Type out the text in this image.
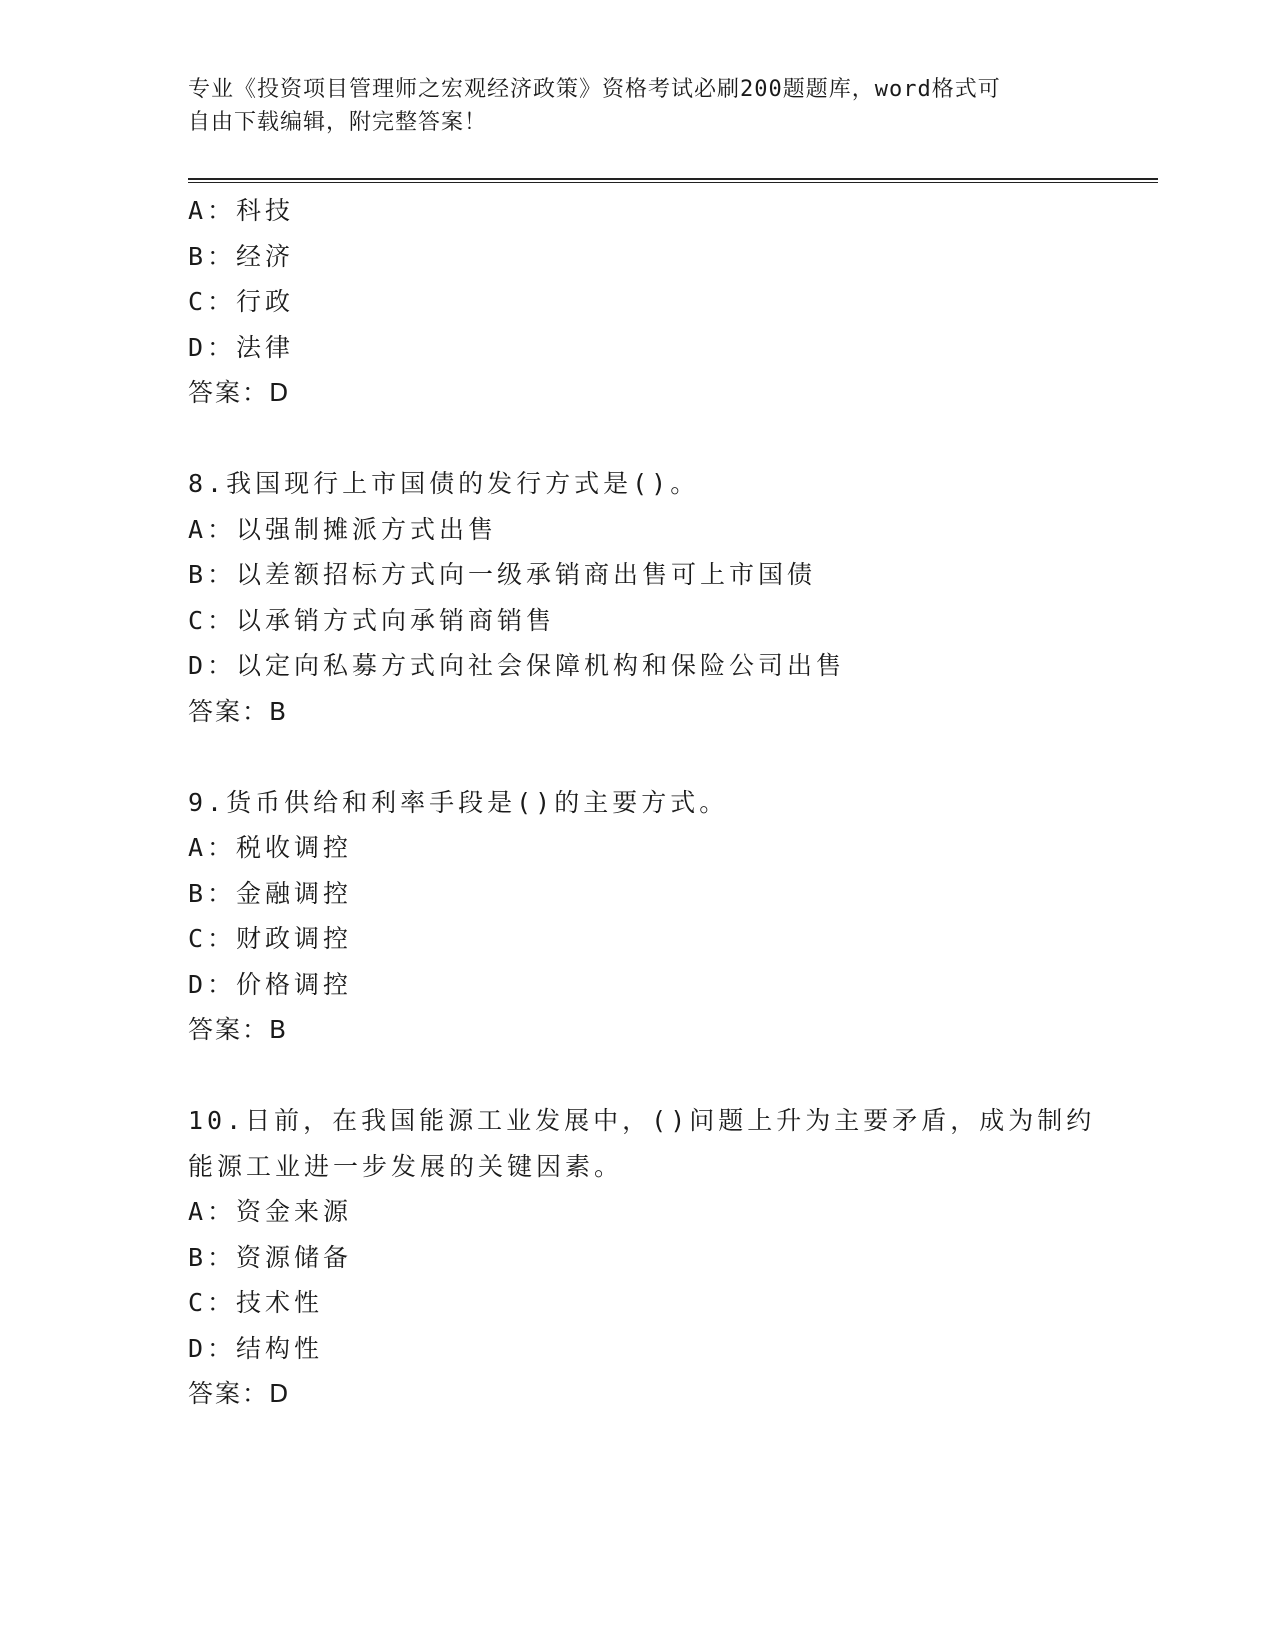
专业《投资项目管理师之宏观经济政策》资格考试必刷200题题库，word格式可
自由下载编辑，附完整答案！
A：科技
B：经济
C：行政
D：法律
答案：D
8.我国现行上市国债的发行方式是()。
A：以强制摊派方式出售
B：以差额招标方式向一级承销商出售可上市国债
C：以承销方式向承销商销售
D：以定向私募方式向社会保障机构和保险公司出售
答案：B
9.货币供给和利率手段是()的主要方式。
A：税收调控
B：金融调控
C：财政调控
D：价格调控
答案：B
10.日前，在我国能源工业发展中，()问题上升为主要矛盾，成为制约
能源工业进一步发展的关键因素。
A：资金来源
B：资源储备
C：技术性
D：结构性
答案：D
